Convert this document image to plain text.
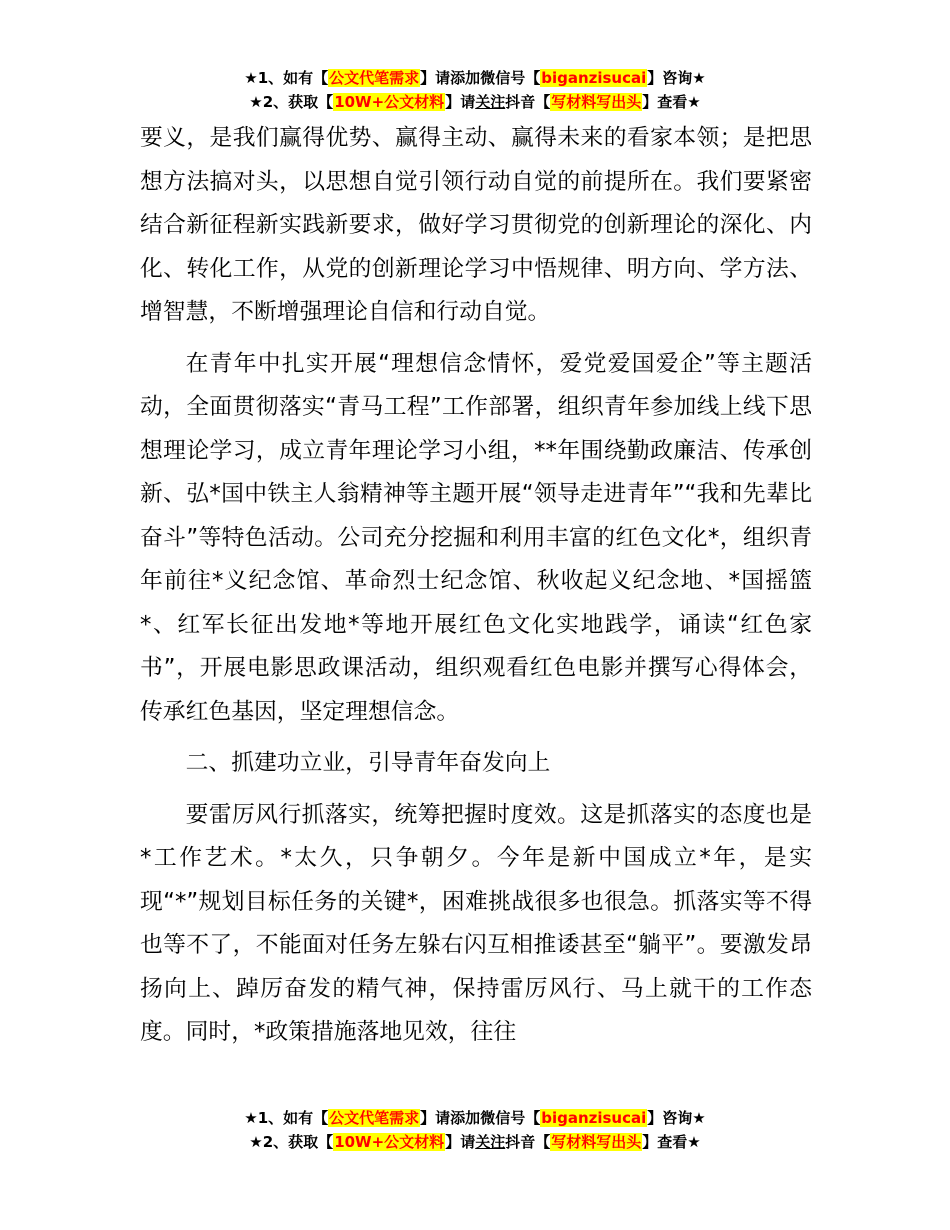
★1、如有【公文代笔需求】请添加微信号【biganzisucai】咨询★
★2、获取【10W+公文材料】请关注抖音【写材料写出头】查看★

要义，是我们赢得优势、赢得主动、赢得未来的看家本领；是把思想方法搞对头，以思想自觉引领行动自觉的前提所在。我们要紧密结合新征程新实践新要求，做好学习贯彻党的创新理论的深化、内化、转化工作，从党的创新理论学习中悟规律、明方向、学方法、增智慧，不断增强理论自信和行动自觉。

在青年中扎实开展“理想信念情怀，爱党爱国爱企”等主题活动，全面贯彻落实“青马工程”工作部署，组织青年参加线上线下思想理论学习，成立青年理论学习小组，**年围绕勤政廉洁、传承创新、弘*国中铁主人翁精神等主题开展“领导走进青年”“我和先辈比奋斗”等特色活动。公司充分挖掘和利用丰富的红色文化*，组织青年前往*义纪念馆、革命烈士纪念馆、秋收起义纪念地、*国摇篮*、红军长征出发地*等地开展红色文化实地践学，诵读“红色家书”，开展电影思政课活动，组织观看红色电影并撰写心得体会，传承红色基因，坚定理想信念。

二、抓建功立业，引导青年奋发向上

要雷厉风行抓落实，统筹把握时度效。这是抓落实的态度也是*工作艺术。*太久，只争朝夕。今年是新中国成立*年，是实现“*”规划目标任务的关键*，困难挑战很多也很急。抓落实等不得也等不了，不能面对任务左躲右闪互相推诿甚至“躺平”。要激发昂扬向上、踔厉奋发的精气神，保持雷厉风行、马上就干的工作态度。同时，*政策措施落地见效，往往

★1、如有【公文代笔需求】请添加微信号【biganzisucai】咨询★
★2、获取【10W+公文材料】请关注抖音【写材料写出头】查看★
